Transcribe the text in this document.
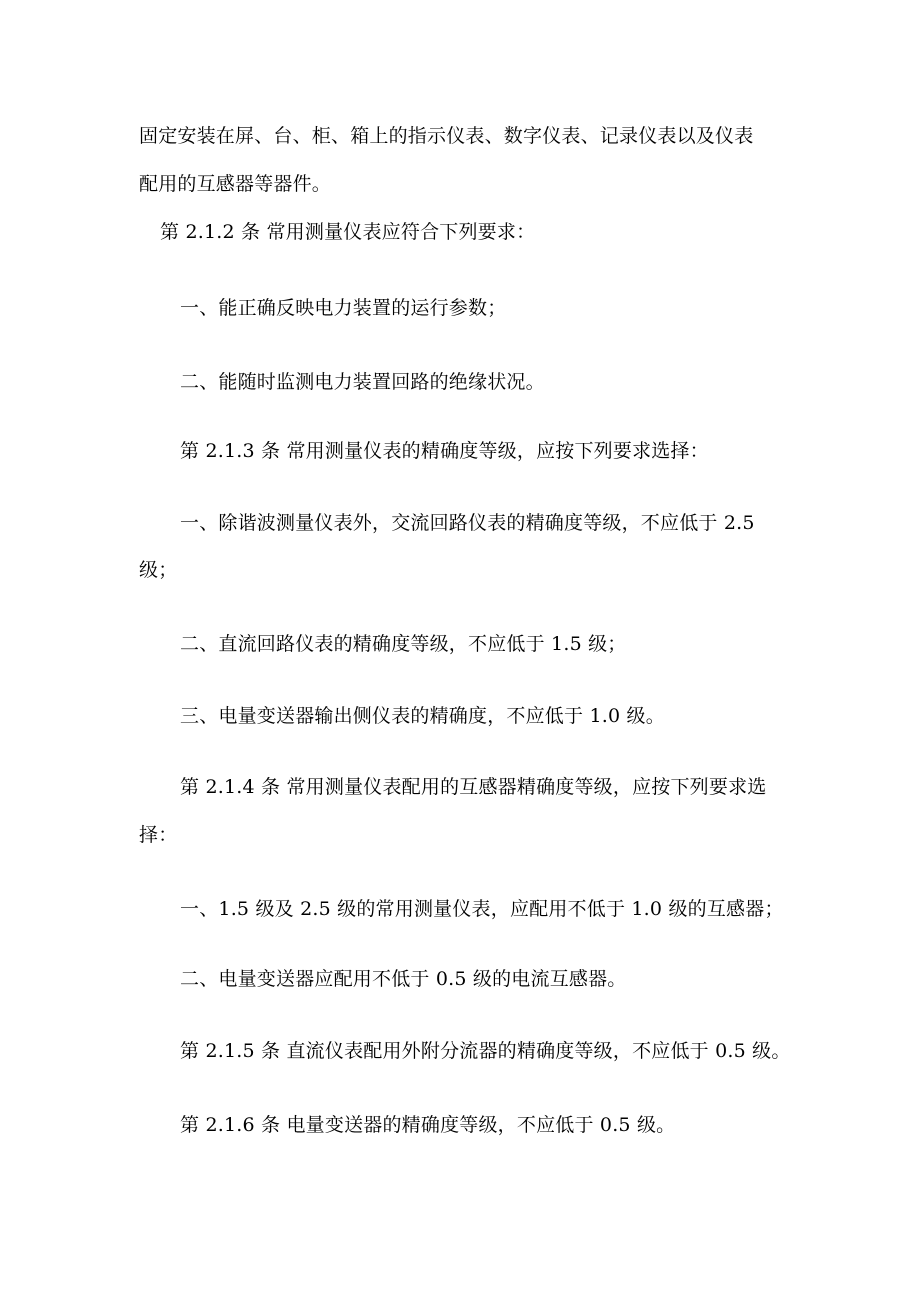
固定安装在屏、台、柜、箱上的指示仪表、数字仪表、记录仪表以及仪表
配用的互感器等器件。
第 2.1.2 条 常用测量仪表应符合下列要求：
一、能正确反映电力装置的运行参数；
二、能随时监测电力装置回路的绝缘状况。
第 2.1.3 条 常用测量仪表的精确度等级，应按下列要求选择：
一、除谐波测量仪表外，交流回路仪表的精确度等级，不应低于 2.5
级；
二、直流回路仪表的精确度等级，不应低于 1.5 级；
三、电量变送器输出侧仪表的精确度，不应低于 1.0 级。
第 2.1.4 条 常用测量仪表配用的互感器精确度等级，应按下列要求选
择：
一、1.5 级及 2.5 级的常用测量仪表，应配用不低于 1.0 级的互感器；
二、电量变送器应配用不低于 0.5 级的电流互感器。
第 2.1.5 条 直流仪表配用外附分流器的精确度等级，不应低于 0.5 级。
第 2.1.6 条 电量变送器的精确度等级，不应低于 0.5 级。
